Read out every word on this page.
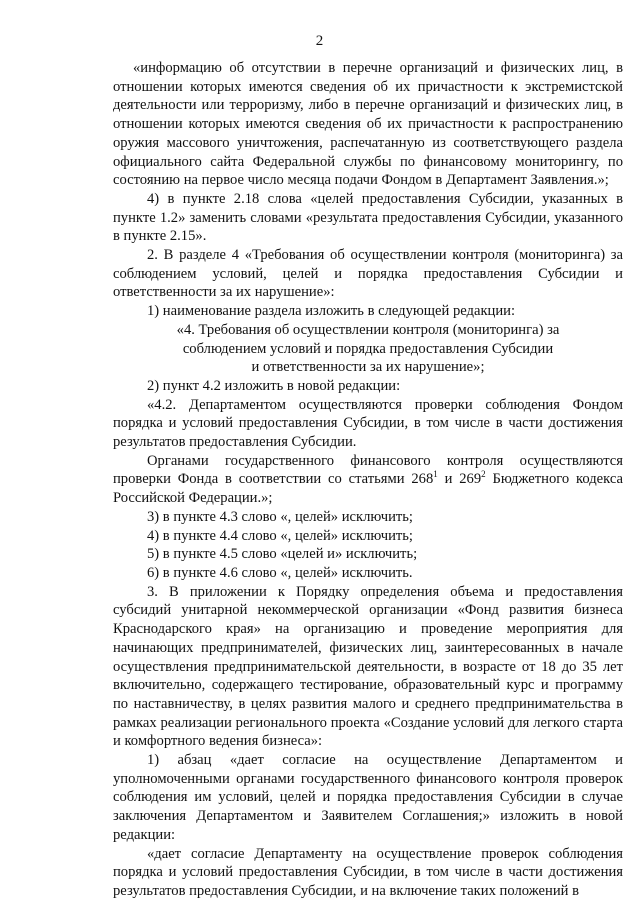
2

«информацию об отсутствии в перечне организаций и физических лиц, в отношении которых имеются сведения об их причастности к экстремистской деятельности или терроризму, либо в перечне организаций и физических лиц, в отношении которых имеются сведения об их причастности к распространению оружия массового уничтожения, распечатанную из соответствующего раздела официального сайта Федеральной службы по финансовому мониторингу, по состоянию на первое число месяца подачи Фондом в Департамент Заявления.»;

4) в пункте 2.18 слова «целей предоставления Субсидии, указанных в пункте 1.2» заменить словами «результата предоставления Субсидии, указанного в пункте 2.15».

2. В разделе 4 «Требования об осуществлении контроля (мониторинга) за соблюдением условий, целей и порядка предоставления Субсидии и ответственности за их нарушение»:

1) наименование раздела изложить в следующей редакции:

«4. Требования об осуществлении контроля (мониторинга) за

соблюдением условий и порядка предоставления Субсидии

и ответственности за их нарушение»;

2) пункт 4.2 изложить в новой редакции:

«4.2. Департаментом осуществляются проверки соблюдения Фондом порядка и условий предоставления Субсидии, в том числе в части достижения результатов предоставления Субсидии.

Органами государственного финансового контроля осуществляются проверки Фонда в соответствии со статьями $268^1$ и $269^2$ Бюджетного кодекса Российской Федерации.»;

3) в пункте 4.3 слово «, целей» исключить;

4) в пункте 4.4 слово «, целей» исключить;

5) в пункте 4.5 слово «целей и» исключить;

6) в пункте 4.6 слово «, целей» исключить.

3. В приложении к Порядку определения объема и предоставления субсидий унитарной некоммерческой организации «Фонд развития бизнеса Краснодарского края» на организацию и проведение мероприятия для начинающих предпринимателей, физических лиц, заинтересованных в начале осуществления предпринимательской деятельности, в возрасте от 18 до 35 лет включительно, содержащего тестирование, образовательный курс и программу по наставничеству, в целях развития малого и среднего предпринимательства в рамках реализации регионального проекта «Создание условий для легкого старта и комфортного ведения бизнеса»:

1) абзац «дает согласие на осуществление Департаментом и уполномоченными органами государственного финансового контроля проверок соблюдения им условий, целей и порядка предоставления Субсидии в случае заключения Департаментом и Заявителем Соглашения;» изложить в новой редакции:

«дает согласие Департаменту на осуществление проверок соблюдения порядка и условий предоставления Субсидии, в том числе в части достижения результатов предоставления Субсидии, и на включение таких положений в
